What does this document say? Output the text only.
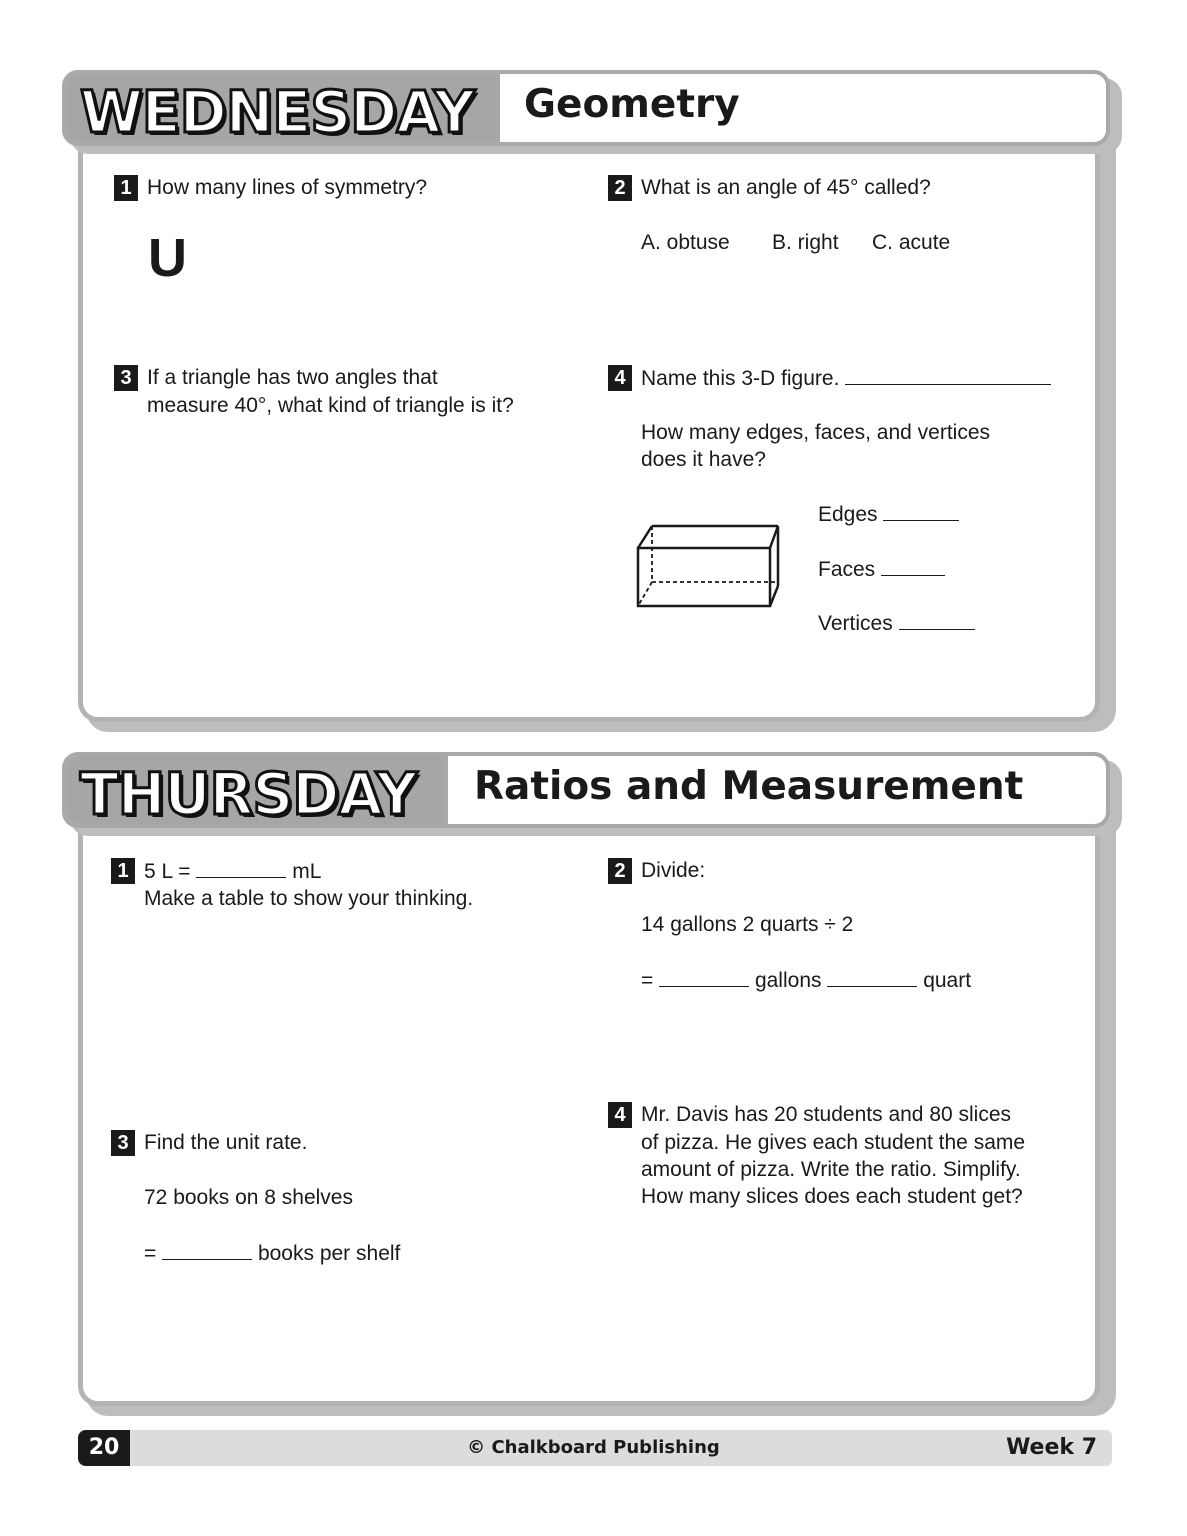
WEDNESDAY Geometry
1 How many lines of symmetry?
U
2 What is an angle of 45° called?
A. obtuse B. right C. acute
3 If a triangle has two angles that
measure 40°, what kind of triangle is it?
4 Name this 3-D figure.
How many edges, faces, and vertices
does it have?
Edges
Faces
Vertices
THURSDAY Ratios and Measurement
1 5 L =	mL
Make a table to show your thinking.
2 Divide:
14 gallons 2 quarts ÷ 2
=	gallons	quart
3 Find the unit rate.
72 books on 8 shelves
=	books per shelf
4 Mr. Davis has 20 students and 80 slices
of pizza. He gives each student the same
amount of pizza. Write the ratio. Simplify.
How many slices does each student get?
20	© Chalkboard Publishing	Week 7
